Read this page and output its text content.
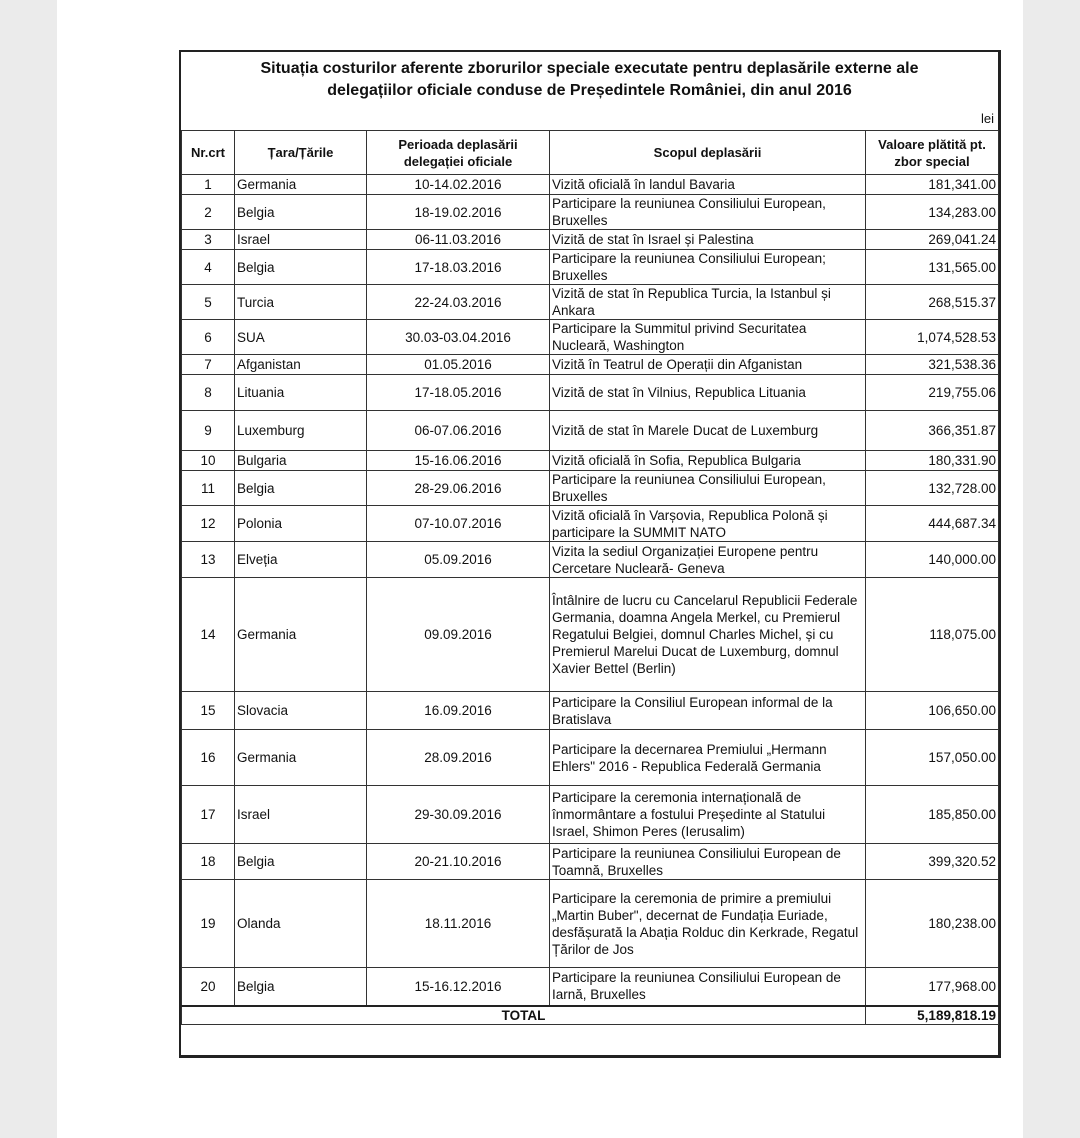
Situația costurilor aferente zborurilor speciale executate pentru deplasările externe ale
delegațiilor oficiale conduse de Președintele României, din anul 2016
lei
Nr.crt	Țara/Țările	Perioada deplasării delegației oficiale	Scopul deplasării	Valoare plătită pt. zbor special
1	Germania	10-14.02.2016	Vizită oficială în landul Bavaria	181,341.00
2	Belgia	18-19.02.2016	Participare la reuniunea Consiliului European, Bruxelles	134,283.00
3	Israel	06-11.03.2016	Vizită de stat în Israel și Palestina	269,041.24
4	Belgia	17-18.03.2016	Participare la reuniunea Consiliului European; Bruxelles	131,565.00
5	Turcia	22-24.03.2016	Vizită de stat în Republica Turcia, la Istanbul și Ankara	268,515.37
6	SUA	30.03-03.04.2016	Participare la Summitul privind Securitatea Nucleară, Washington	1,074,528.53
7	Afganistan	01.05.2016	Vizită în Teatrul de Operații din Afganistan	321,538.36
8	Lituania	17-18.05.2016	Vizită de stat în Vilnius, Republica Lituania	219,755.06
9	Luxemburg	06-07.06.2016	Vizită de stat în Marele Ducat de Luxemburg	366,351.87
10	Bulgaria	15-16.06.2016	Vizită oficială în Sofia, Republica Bulgaria	180,331.90
11	Belgia	28-29.06.2016	Participare la reuniunea Consiliului European, Bruxelles	132,728.00
12	Polonia	07-10.07.2016	Vizită oficială în Varșovia, Republica Polonă și participare la SUMMIT NATO	444,687.34
13	Elveția	05.09.2016	Vizita la sediul Organizației Europene pentru Cercetare Nucleară- Geneva	140,000.00
14	Germania	09.09.2016	Întâlnire de lucru cu Cancelarul Republicii Federale Germania, doamna Angela Merkel, cu Premierul Regatului Belgiei, domnul Charles Michel, și cu Premierul Marelui Ducat de Luxemburg, domnul Xavier Bettel (Berlin)	118,075.00
15	Slovacia	16.09.2016	Participare la Consiliul European informal de la Bratislava	106,650.00
16	Germania	28.09.2016	Participare la decernarea Premiului „Hermann Ehlers" 2016 - Republica Federală Germania	157,050.00
17	Israel	29-30.09.2016	Participare la ceremonia internațională de înmormântare a fostului Președinte al Statului Israel, Shimon Peres (Ierusalim)	185,850.00
18	Belgia	20-21.10.2016	Participare la reuniunea Consiliului European de Toamnă, Bruxelles	399,320.52
19	Olanda	18.11.2016	Participare la ceremonia de primire a premiului „Martin Buber", decernat de Fundația Euriade, desfășurată la Abația Rolduc din Kerkrade, Regatul Țărilor de Jos	180,238.00
20	Belgia	15-16.12.2016	Participare la reuniunea Consiliului European de Iarnă, Bruxelles	177,968.00
TOTAL				5,189,818.19
